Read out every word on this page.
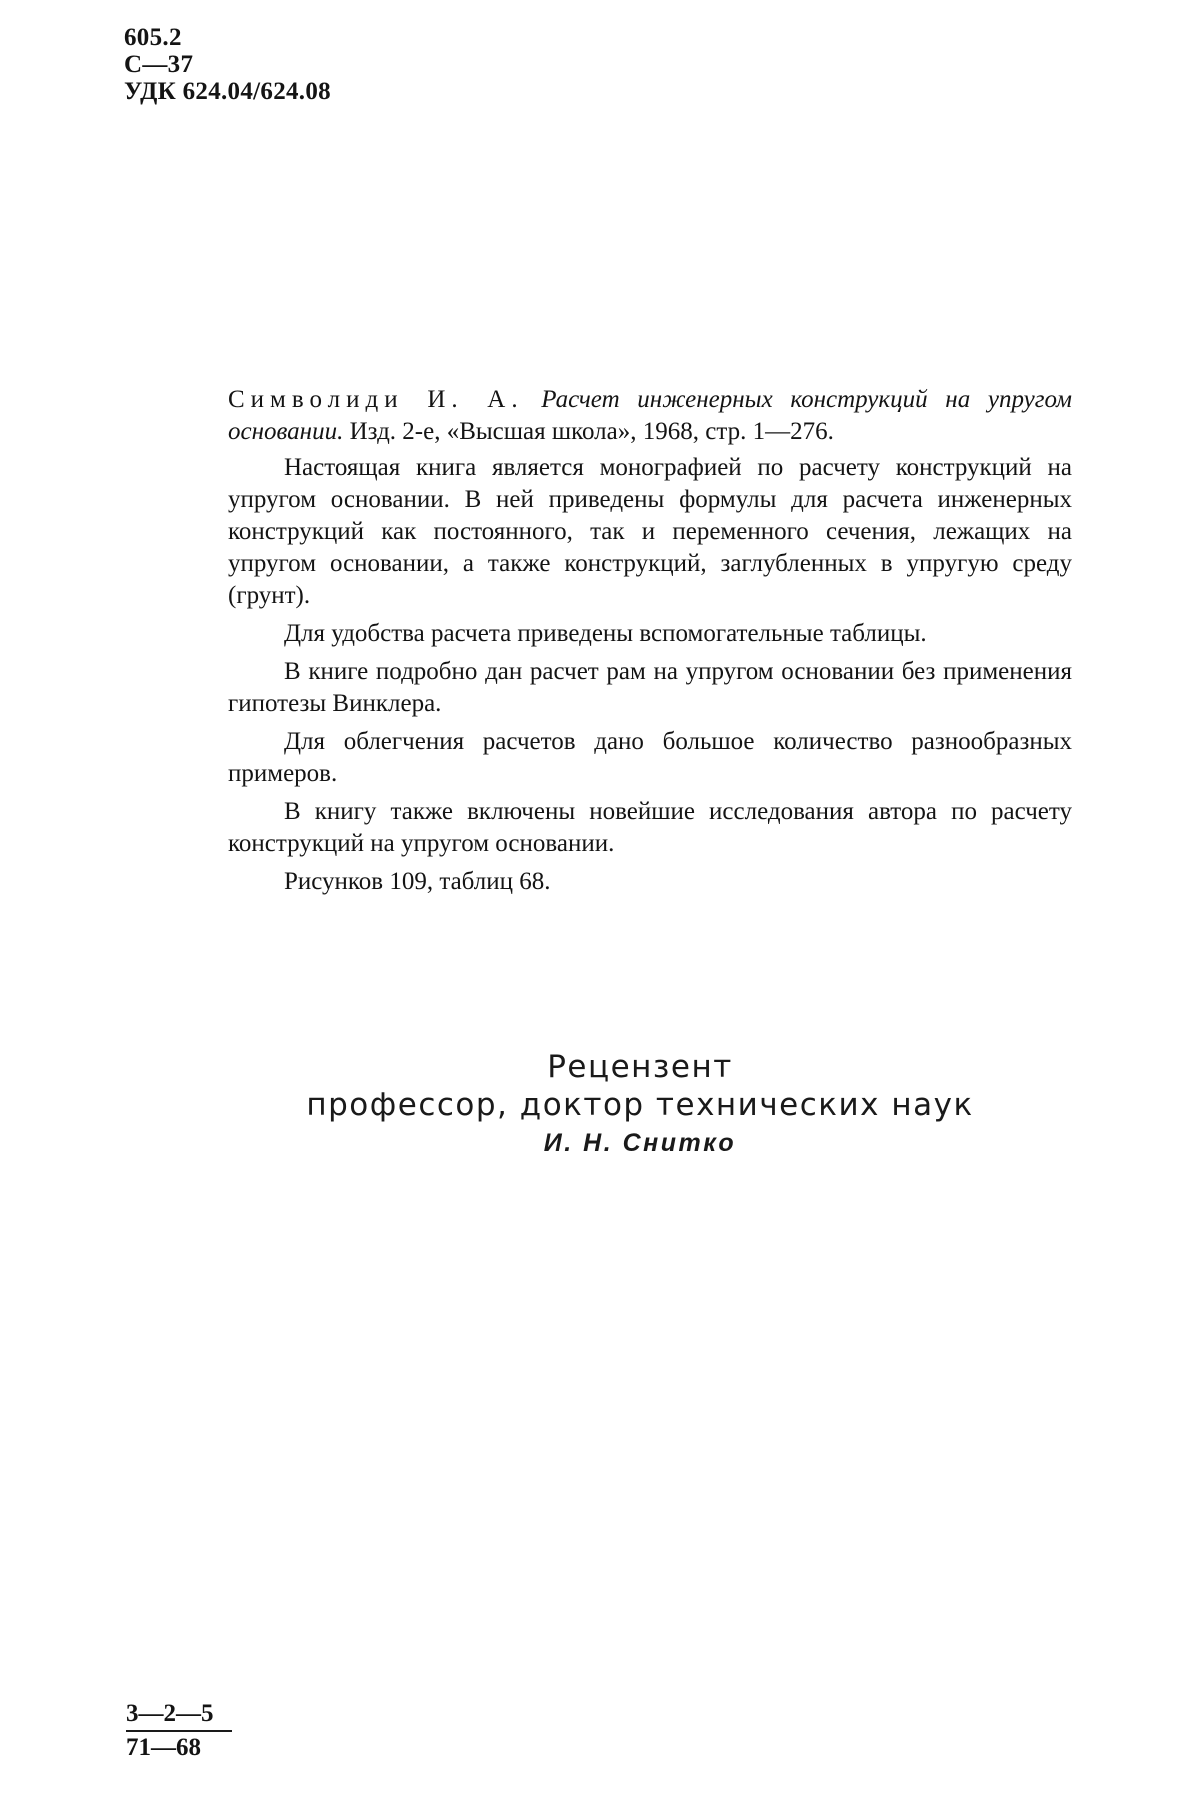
605.2
С—37
УДК 624.04/624.08

Символиди И. А. Расчет инженерных конструкций на упругом основании. Изд. 2-е, «Высшая школа», 1968, стр. 1—276.

Настоящая книга является монографией по расчету конструкций на упругом основании. В ней приведены формулы для расчета инженерных конструкций как постоянного, так и переменного сечения, лежащих на упругом основании, а также конструкций, заглубленных в упругую среду (грунт).

Для удобства расчета приведены вспомогательные таблицы.

В книге подробно дан расчет рам на упругом основании без применения гипотезы Винклера.

Для облегчения расчетов дано большое количество разнообразных примеров.

В книгу также включены новейшие исследования автора по расчету конструкций на упругом основании.

Рисунков 109, таблиц 68.

Рецензент
профессор, доктор технических наук
И. Н. Снитко
3—2—5
71—68
